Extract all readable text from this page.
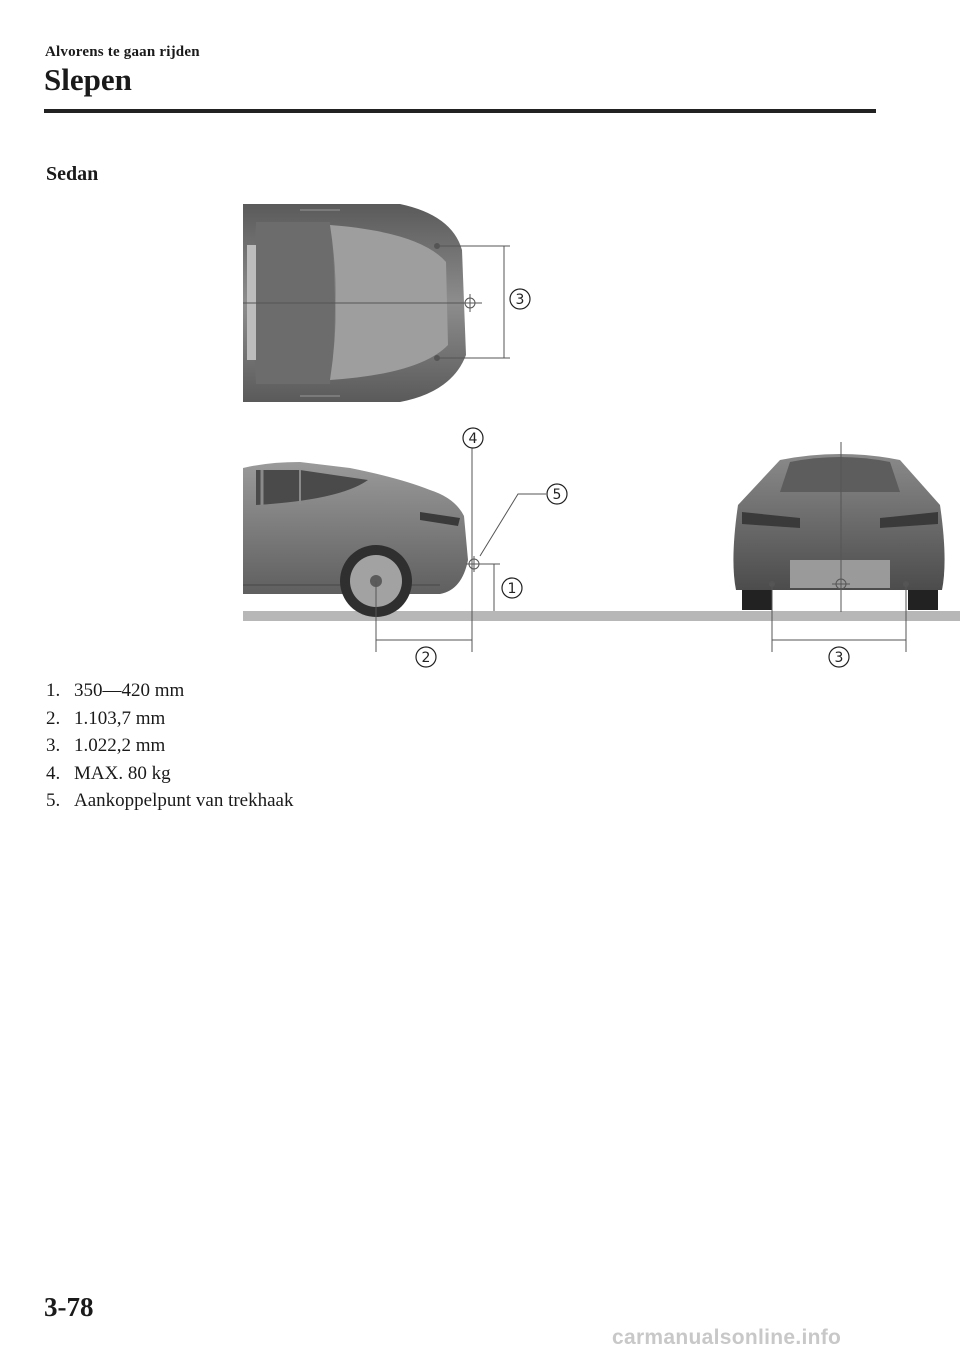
Alvorens te gaan rijden
Slepen
Sedan
3
4
5
1
2	3
1. 350―420 mm
2. 1.103,7 mm
3. 1.022,2 mm
4. MAX. 80 kg
5. Aankoppelpunt van trekhaak
3-78
carmanualsonline.info
